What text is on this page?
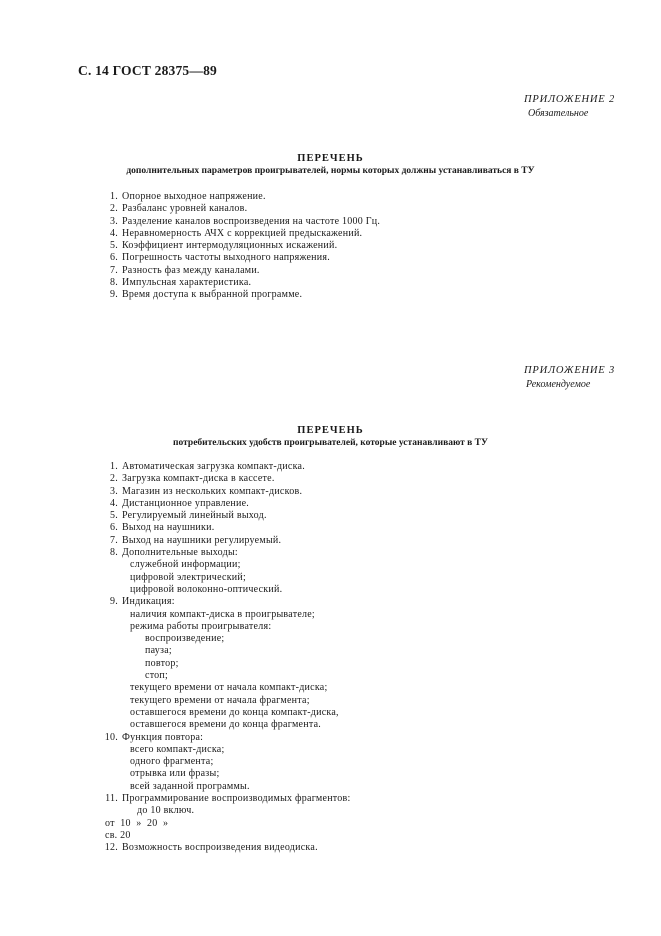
С. 14 ГОСТ 28375—89
ПРИЛОЖЕНИЕ 2
Обязательное
ПЕРЕЧЕНЬ
дополнительных параметров проигрывателей, нормы которых должны устанавливаться в ТУ
1. Опорное выходное напряжение.
2. Разбаланс уровней каналов.
3. Разделение каналов воспроизведения на частоте 1000 Гц.
4. Неравномерность АЧХ с коррекцией предыскажений.
5. Коэффициент интермодуляционных искажений.
6. Погрешность частоты выходного напряжения.
7. Разность фаз между каналами.
8. Импульсная характеристика.
9. Время доступа к выбранной программе.
ПРИЛОЖЕНИЕ 3
Рекомендуемое
ПЕРЕЧЕНЬ
потребительских удобств проигрывателей, которые устанавливают в ТУ
1. Автоматическая загрузка компакт-диска.
2. Загрузка компакт-диска в кассете.
3. Магазин из нескольких компакт-дисков.
4. Дистанционное управление.
5. Регулируемый линейный выход.
6. Выход на наушники.
7. Выход на наушники регулируемый.
8. Дополнительные выходы:
служебной информации;
цифровой электрический;
цифровой волоконно-оптический.
9. Индикация:
наличия компакт-диска в проигрывателе;
режима работы проигрывателя:
воспроизведение;
пауза;
повтор;
стоп;
текущего времени от начала компакт-диска;
текущего времени от начала фрагмента;
оставшегося времени до конца компакт-диска,
оставшегося времени до конца фрагмента.
10. Функция повтора:
всего компакт-диска;
одного фрагмента;
отрывка или фразы;
всей заданной программы.
11. Программирование воспроизводимых фрагментов:
до 10 включ.
от  10  »  20  »
св. 20
12. Возможность воспроизведения видеодиска.
